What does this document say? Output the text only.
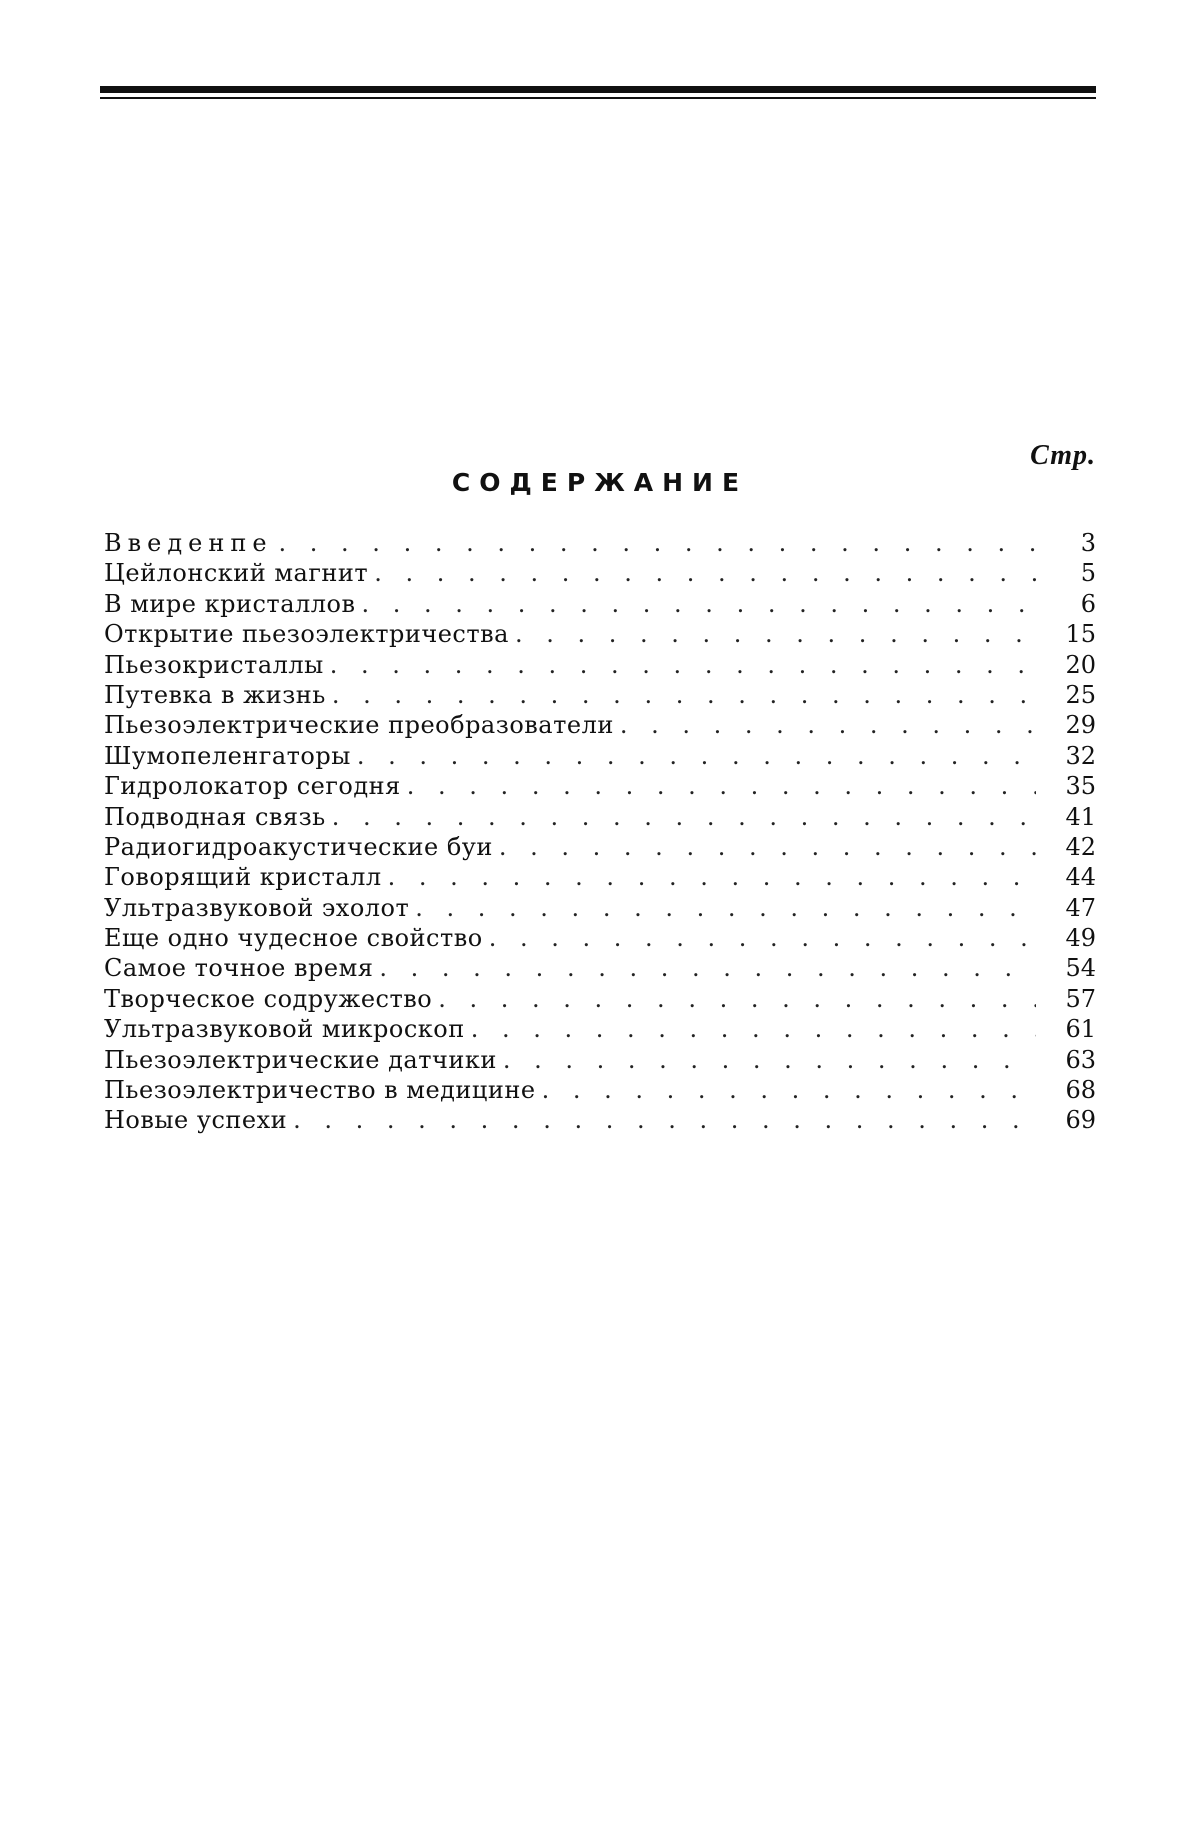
Стр.
СОДЕРЖАНИЕ
Введенпе . . .	3
Цейлонский магнит . . .	5
В мире кристаллов . . .	6
Открытие пьезоэлектричества . . .	15
Пьезокристаллы . . .	20
Путевка в жизнь . . .	25
Пьезоэлектрические преобразователи . . .	29
Шумопеленгаторы . . .	32
Гидролокатор сегодня . . .	35
Подводная связь . . .	41
Радиогидроакустические буи . . .	42
Говорящий кристалл . . .	44
Ультразвуковой эхолот . . .	47
Еще одно чудесное свойство . . .	49
Самое точное время . . .	54
Творческое содружество . . .	57
Ультразвуковой микроскоп . . .	61
Пьезоэлектрические датчики . . .	63
Пьезоэлектричество в медицине . . .	68
Новые успехи . . .	69
